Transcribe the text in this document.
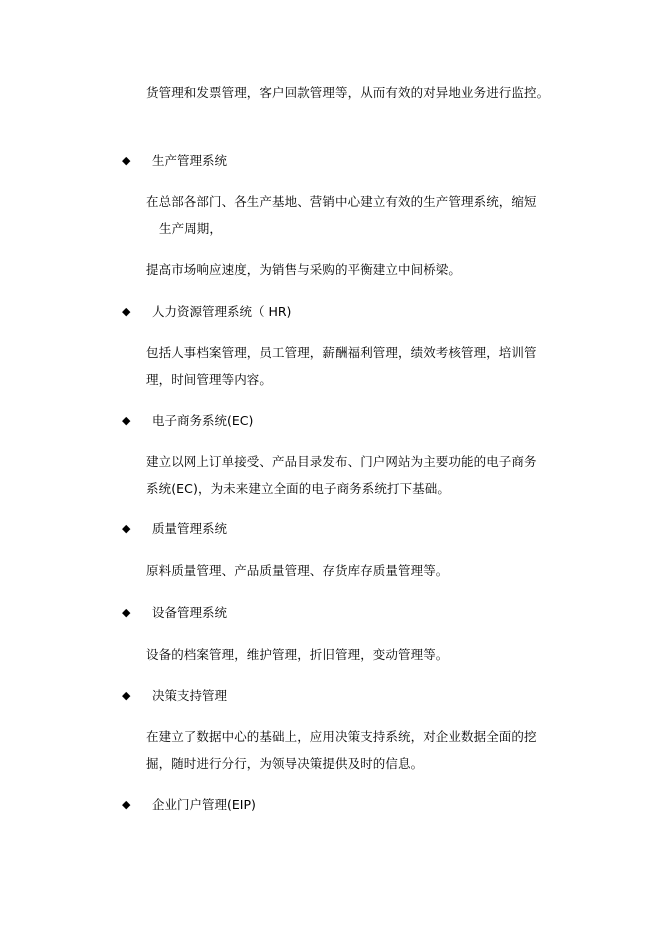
货管理和发票管理，客户回款管理等，从而有效的对异地业务进行监控。
◆ 生产管理系统
在总部各部门、各生产基地、营销中心建立有效的生产管理系统，缩短
生产周期，
提高市场响应速度，为销售与采购的平衡建立中间桥梁。
◆ 人力资源管理系统（ HR)
包括人事档案管理，员工管理，薪酬福利管理，绩效考核管理，培训管
理，时间管理等内容。
◆ 电子商务系统(EC)
建立以网上订单接受、产品目录发布、门户网站为主要功能的电子商务
系统(EC)，为未来建立全面的电子商务系统打下基础。
◆ 质量管理系统
原料质量管理、产品质量管理、存货库存质量管理等。
◆ 设备管理系统
设备的档案管理，维护管理，折旧管理，变动管理等。
◆ 决策支持管理
在建立了数据中心的基础上，应用决策支持系统，对企业数据全面的挖
掘，随时进行分行，为领导决策提供及时的信息。
◆ 企业门户管理(EIP)
